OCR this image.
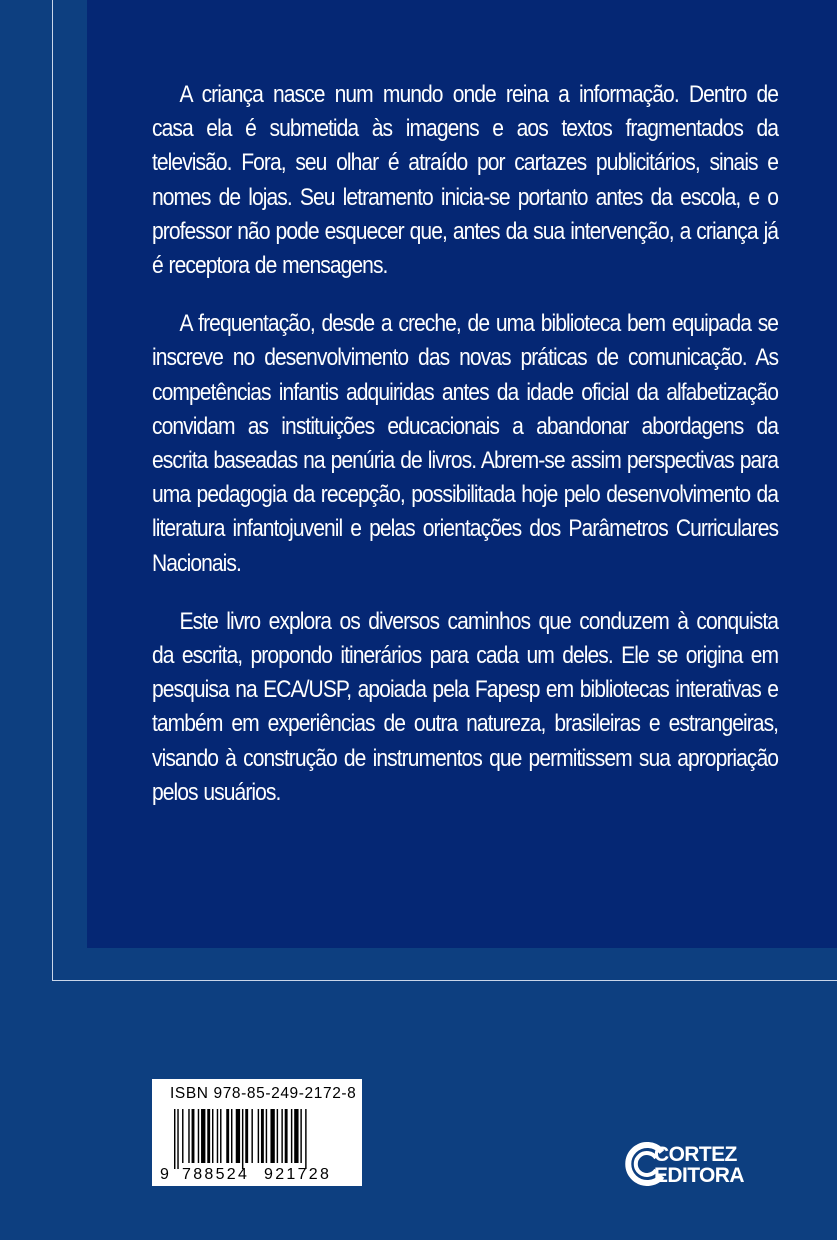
A criança nasce num mundo onde reina a informação. Dentro de casa ela é submetida às imagens e aos textos fragmentados da televisão. Fora, seu olhar é atraído por cartazes publicitários, sinais e nomes de lojas. Seu letramento inicia-se portanto antes da escola, e o professor não pode esquecer que, antes da sua intervenção, a criança já é receptora de mensagens.

A frequentação, desde a creche, de uma biblioteca bem equipada se inscreve no desenvolvimento das novas práticas de comunicação. As competências infantis adquiridas antes da idade oficial da alfabetização convidam as instituições educacionais a abandonar abordagens da escrita baseadas na penúria de livros. Abrem-se assim perspectivas para uma pedagogia da recepção, possibilitada hoje pelo desenvolvimento da literatura infantojuvenil e pelas orientações dos Parâmetros Curriculares Nacionais.

Este livro explora os diversos caminhos que conduzem à conquista da escrita, propondo itinerários para cada um deles. Ele se origina em pesquisa na ECA/USP, apoiada pela Fapesp em bibliotecas interativas e também em experiências de outra natureza, brasileiras e estrangeiras, visando à construção de instrumentos que permitissem sua apropriação pelos usuários.

ISBN 978-85-249-2172-8
9 788524 921728
CORTEZ
EDITORA
